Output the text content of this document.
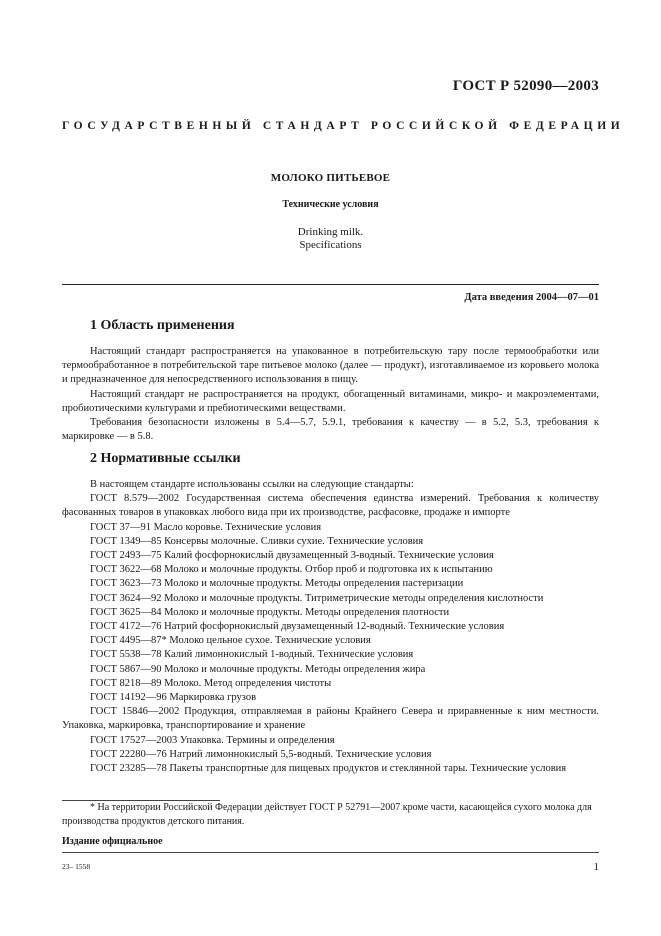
ГОСТ Р 52090—2003
ГОСУДАРСТВЕННЫЙ СТАНДАРТ РОССИЙСКОЙ ФЕДЕРАЦИИ
МОЛОКО ПИТЬЕВОЕ
Технические условия
Drinking milk.
Specifications
Дата введения 2004—07—01
1 Область применения

Настоящий стандарт распространяется на упакованное в потребительскую тару после термообработки или термообработанное в потребительской таре питьевое молоко (далее — продукт), изготавливаемое из коровьего молока и предназначенное для непосредственного использования в пищу.

Настоящий стандарт не распространяется на продукт, обогащенный витаминами, микро- и макроэлементами, пробиотическими культурами и пребиотическими веществами.

Требования безопасности изложены в 5.4—5.7, 5.9.1, требования к качеству — в 5.2, 5.3, требования к маркировке — в 5.8.

2 Нормативные ссылки

В настоящем стандарте использованы ссылки на следующие стандарты:

ГОСТ 8.579—2002 Государственная система обеспечения единства измерений. Требования к количеству фасованных товаров в упаковках любого вида при их производстве, расфасовке, продаже и импорте

ГОСТ 37—91 Масло коровье. Технические условия

ГОСТ 1349—85 Консервы молочные. Сливки сухие. Технические условия

ГОСТ 2493—75 Калий фосфорнокислый двузамещенный 3-водный. Технические условия

ГОСТ 3622—68 Молоко и молочные продукты. Отбор проб и подготовка их к испытанию

ГОСТ 3623—73 Молоко и молочные продукты. Методы определения пастеризации

ГОСТ 3624—92 Молоко и молочные продукты. Титриметрические методы определения кислотности

ГОСТ 3625—84 Молоко и молочные продукты. Методы определения плотности

ГОСТ 4172—76 Натрий фосфорнокислый двузамещенный 12-водный. Технические условия

ГОСТ 4495—87* Молоко цельное сухое. Технические условия

ГОСТ 5538—78 Калий лимоннокислый 1-водный. Технические условия

ГОСТ 5867—90 Молоко и молочные продукты. Методы определения жира

ГОСТ 8218—89 Молоко. Метод определения чистоты

ГОСТ 14192—96 Маркировка грузов

ГОСТ 15846—2002 Продукция, отправляемая в районы Крайнего Севера и приравненные к ним местности. Упаковка, маркировка, транспортирование и хранение

ГОСТ 17527—2003 Упаковка. Термины и определения

ГОСТ 22280—76 Натрий лимоннокислый 5,5-водный. Технические условия

ГОСТ 23285—78 Пакеты транспортные для пищевых продуктов и стеклянной тары. Технические условия

* На территории Российской Федерации действует ГОСТ Р 52791—2007 кроме части, касающейся сухого молока для производства продуктов детского питания.

Издание официальное
23– 1558	1
